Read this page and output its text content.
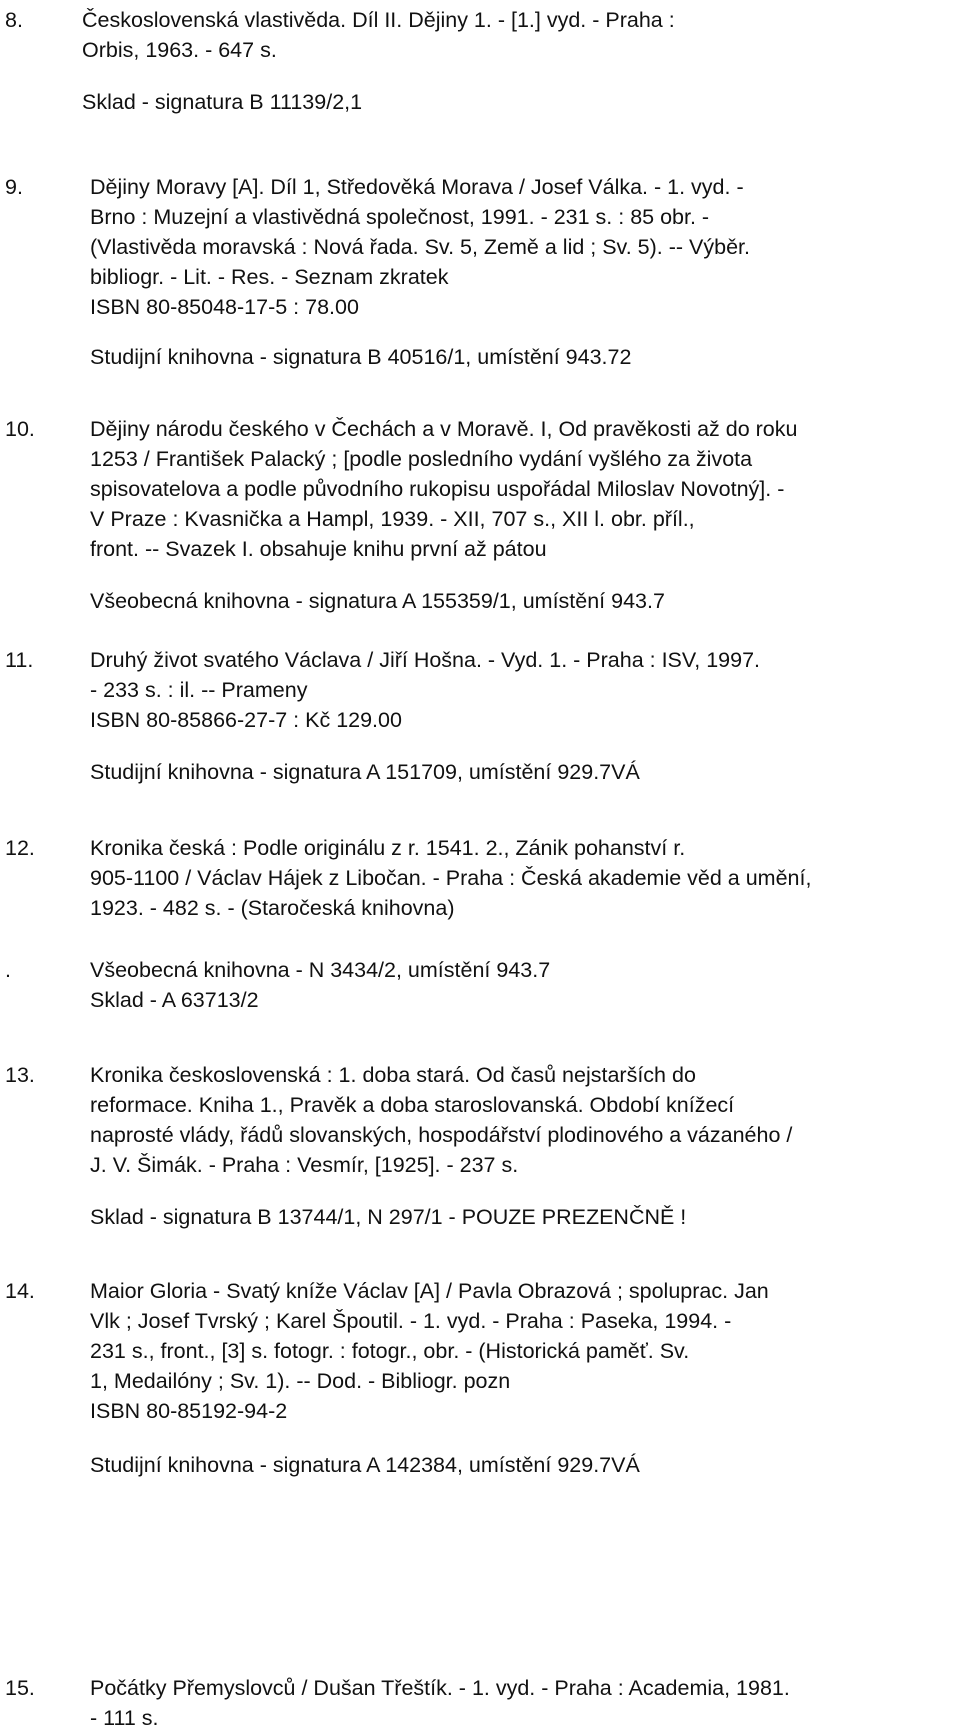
8.	Československá vlastivěda. Díl II. Dějiny 1. - [1.] vyd. - Praha :
Orbis, 1963. - 647 s.
Sklad - signatura B 11139/2,1
9.	Dějiny Moravy [A]. Díl 1, Středověká Morava / Josef Válka. - 1. vyd. -
Brno : Muzejní a vlastivědná společnost, 1991. - 231 s. : 85 obr. -
(Vlastivěda moravská : Nová řada. Sv. 5, Země a lid ; Sv. 5). -- Výběr.
bibliogr. - Lit. - Res. - Seznam zkratek
ISBN 80-85048-17-5 : 78.00
Studijní knihovna - signatura B 40516/1, umístění 943.72
10.	Dějiny národu českého v Čechách a v Moravě. I, Od pravěkosti až do roku
1253 / František Palacký ; [podle posledního vydání vyšlého za života
spisovatelova a podle původního rukopisu uspořádal Miloslav Novotný]. -
V Praze : Kvasnička a Hampl, 1939. - XII, 707 s., XII l. obr. příl.,
front. -- Svazek I. obsahuje knihu první až pátou
Všeobecná knihovna - signatura A 155359/1, umístění 943.7
11.	Druhý život svatého Václava / Jiří Hošna. - Vyd. 1. - Praha : ISV, 1997.
- 233 s. : il. -- Prameny
ISBN 80-85866-27-7 : Kč 129.00
Studijní knihovna - signatura A 151709, umístění 929.7VÁ
12.	Kronika česká : Podle originálu z r. 1541. 2., Zánik pohanství r.
905-1100 / Václav Hájek z Libočan. - Praha : Česká akademie věd a umění,
1923. - 482 s. - (Staročeská knihovna)
.	Všeobecná knihovna - N 3434/2, umístění 943.7
Sklad - A 63713/2
13.	Kronika československá : 1. doba stará. Od časů nejstarších do
reformace. Kniha 1., Pravěk a doba staroslovanská. Období knížecí
naprosté vlády, řádů slovanských, hospodářství plodinového a vázaného /
J. V. Šimák. - Praha : Vesmír, [1925]. - 237 s.
Sklad - signatura B 13744/1, N 297/1 - POUZE PREZENČNĚ !
14.	Maior Gloria - Svatý kníže Václav [A] / Pavla Obrazová ; spoluprac. Jan
Vlk ; Josef Tvrský ; Karel Špoutil. - 1. vyd. - Praha : Paseka, 1994. -
231 s., front., [3] s. fotogr. : fotogr., obr. - (Historická paměť. Sv.
1, Medailóny ; Sv. 1). -- Dod. - Bibliogr. pozn
ISBN 80-85192-94-2
Studijní knihovna - signatura A 142384, umístění 929.7VÁ
15.	Počátky Přemyslovců / Dušan Třeštík. - 1. vyd. - Praha : Academia, 1981.
- 111 s.
